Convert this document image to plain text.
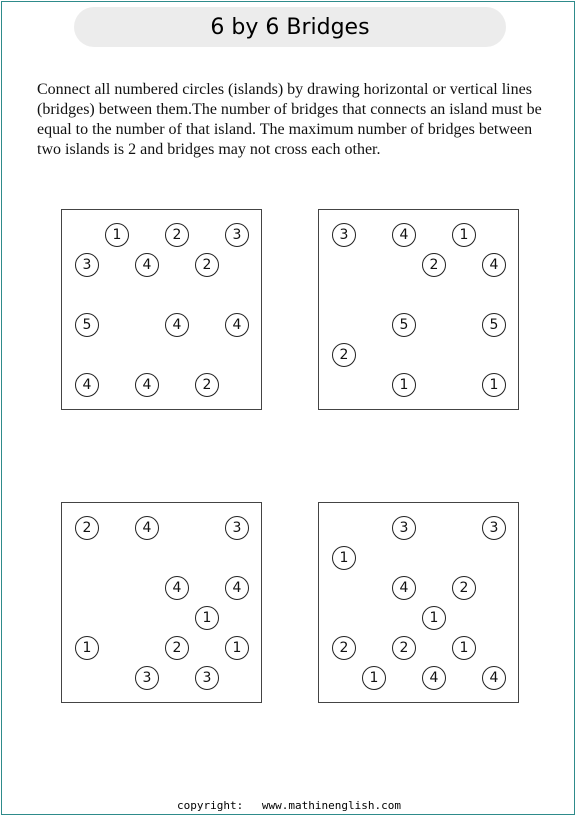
6 by 6 Bridges
Connect all numbered circles (islands) by drawing horizontal or vertical lines (bridges) between them.The number of bridges that connects an island must be equal to the number of that island. The maximum number of bridges between two islands is 2 and bridges may not cross each other.
1	2	3
3	4	2
5	4	4
4	4	2
3	4	1
2	4
5	5
2
1	1
2	4	3
4	4
1
1	2	1
3	3
3	3
1
4	2
1
2	2	1
1	4	4
copyright: www.mathinenglish.com
